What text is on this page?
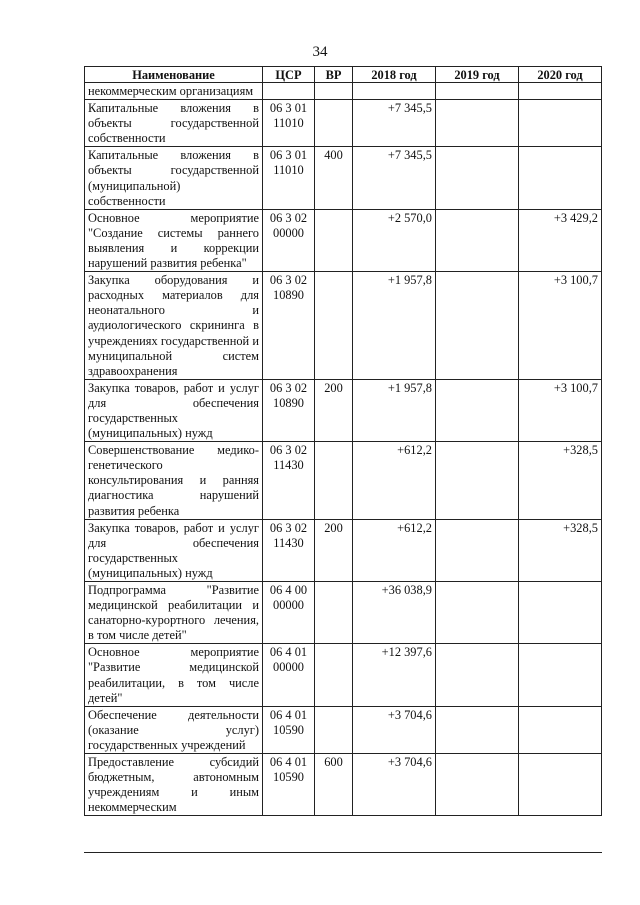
34
Наименование	ЦСР	ВР	2018 год	2019 год	2020 год
некоммерческим организациям					
Капитальные вложения в объекты государственной собственности	06 3 01 11010		+7 345,5		
Капитальные вложения в объекты государственной (муниципальной) собственности	06 3 01 11010	400	+7 345,5		
Основное мероприятие "Создание системы раннего выявления и коррекции нарушений развития ребенка"	06 3 02 00000		+2 570,0		+3 429,2
Закупка оборудования и расходных материалов для неонатального и аудиологического скрининга в учреждениях государственной и муниципальной систем здравоохранения	06 3 02 10890		+1 957,8		+3 100,7
Закупка товаров, работ и услуг для обеспечения государственных (муниципальных) нужд	06 3 02 10890	200	+1 957,8		+3 100,7
Совершенствование медико-генетического консультирования и ранняя диагностика нарушений развития ребенка	06 3 02 11430		+612,2		+328,5
Закупка товаров, работ и услуг для обеспечения государственных (муниципальных) нужд	06 3 02 11430	200	+612,2		+328,5
Подпрограмма "Развитие медицинской реабилитации и санаторно-курортного лечения, в том числе детей"	06 4 00 00000		+36 038,9		
Основное мероприятие "Развитие медицинской реабилитации, в том числе детей"	06 4 01 00000		+12 397,6		
Обеспечение деятельности (оказание услуг) государственных учреждений	06 4 01 10590		+3 704,6		
Предоставление субсидий бюджетным, автономным учреждениям и иным некоммерческим	06 4 01 10590	600	+3 704,6		
